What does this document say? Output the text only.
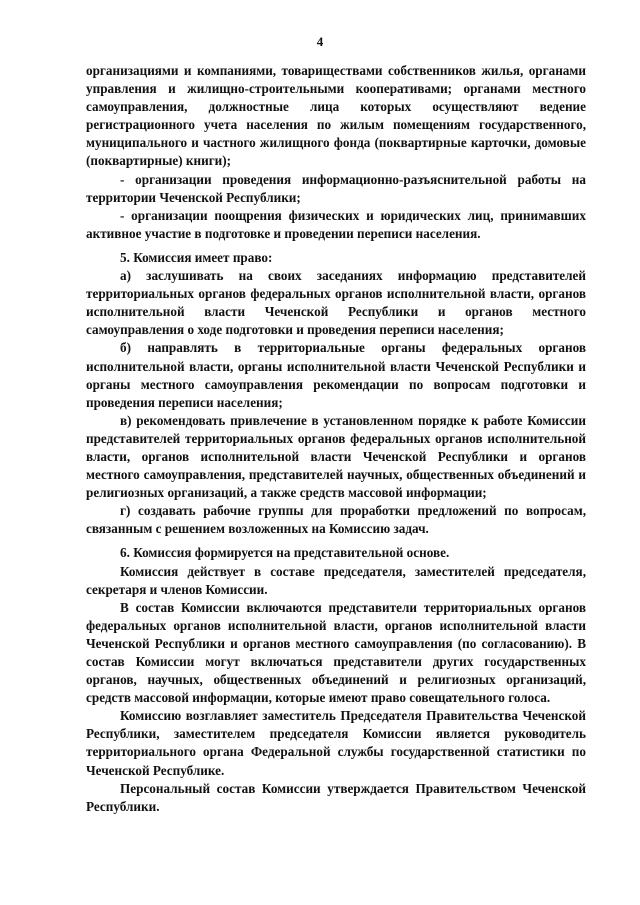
4

организациями и компаниями, товариществами собственников жилья, органами управления и жилищно-строительными кооперативами; органами местного самоуправления, должностные лица которых осуществляют ведение регистрационного учета населения по жилым помещениям государственного, муниципального и частного жилищного фонда (поквартирные карточки, домовые (поквартирные) книги);

- организации проведения информационно-разъяснительной работы на территории Чеченской Республики;

- организации поощрения физических и юридических лиц, принимавших активное участие в подготовке и проведении переписи населения.

5. Комиссия имеет право:

а) заслушивать на своих заседаниях информацию представителей территориальных органов федеральных органов исполнительной власти, органов исполнительной власти Чеченской Республики и органов местного самоуправления о ходе подготовки и проведения переписи населения;

б) направлять в территориальные органы федеральных органов исполнительной власти, органы исполнительной власти Чеченской Республики и органы местного самоуправления рекомендации по вопросам подготовки и проведения переписи населения;

в) рекомендовать привлечение в установленном порядке к работе Комиссии представителей территориальных органов федеральных органов исполнительной власти, органов исполнительной власти Чеченской Республики и органов местного самоуправления, представителей научных, общественных объединений и религиозных организаций, а также средств массовой информации;

г) создавать рабочие группы для проработки предложений по вопросам, связанным с решением возложенных на Комиссию задач.

6. Комиссия формируется на представительной основе.

Комиссия действует в составе председателя, заместителей председателя, секретаря и членов Комиссии.

В состав Комиссии включаются представители территориальных органов федеральных органов исполнительной власти, органов исполнительной власти Чеченской Республики и органов местного самоуправления (по согласованию). В состав Комиссии могут включаться представители других государственных органов, научных, общественных объединений и религиозных организаций, средств массовой информации, которые имеют право совещательного голоса.

Комиссию возглавляет заместитель Председателя Правительства Чеченской Республики, заместителем председателя Комиссии является руководитель территориального органа Федеральной службы государственной статистики по Чеченской Республике.

Персональный состав Комиссии утверждается Правительством Чеченской Республики.
